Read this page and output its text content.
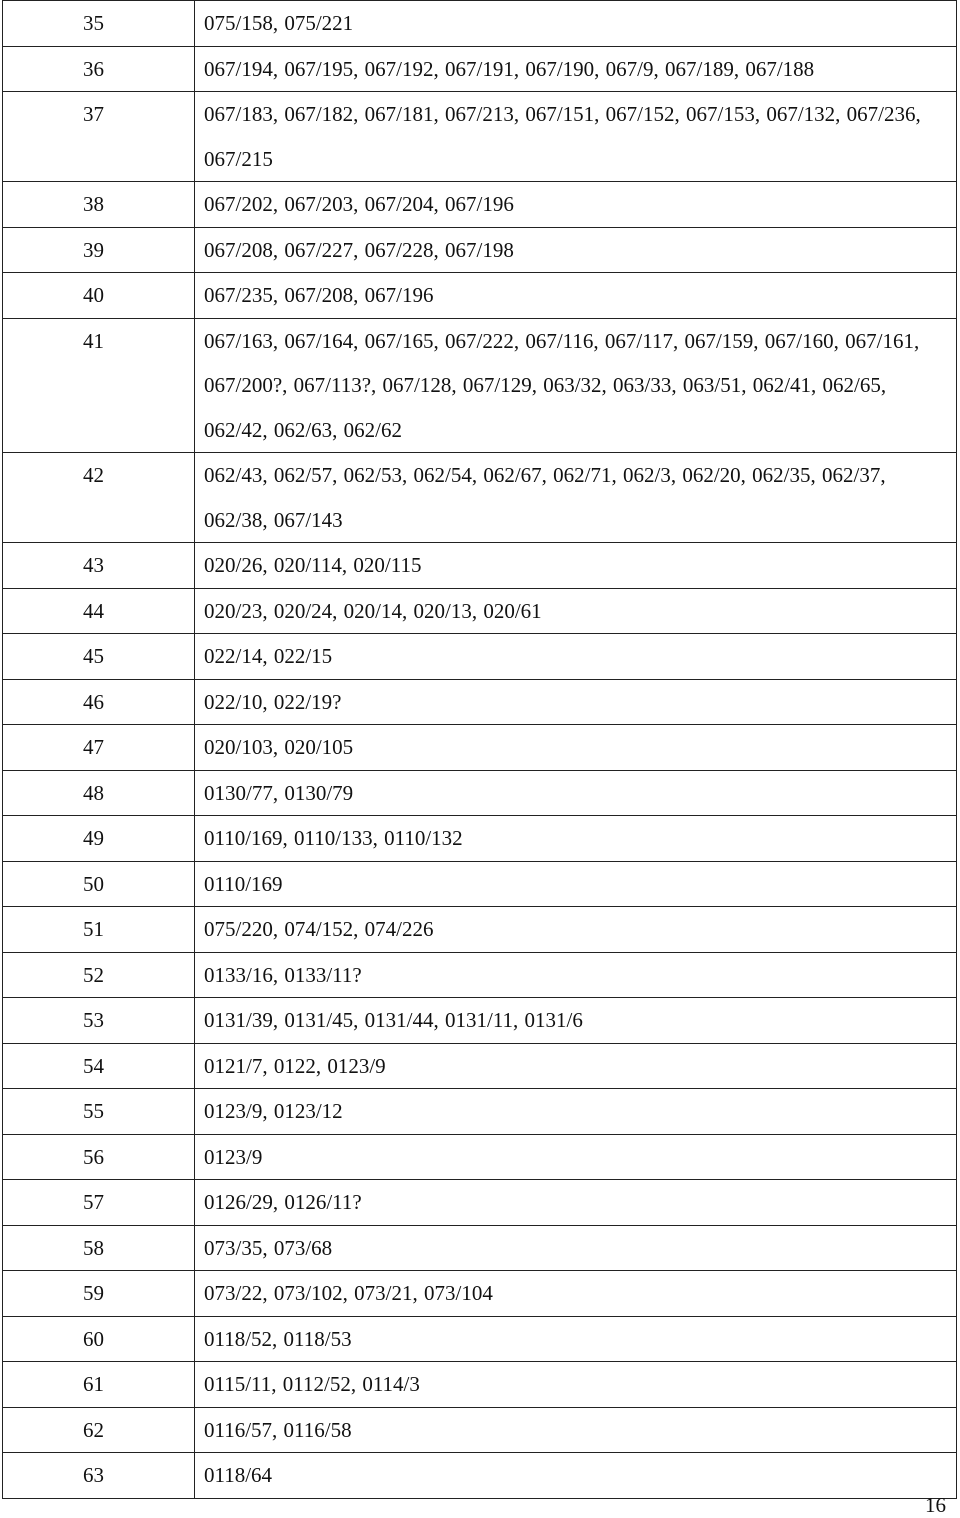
35	075/158, 075/221
36	067/194, 067/195, 067/192, 067/191, 067/190, 067/9, 067/189, 067/188
37	067/183, 067/182, 067/181, 067/213, 067/151, 067/152, 067/153, 067/132, 067/236, 067/215
38	067/202, 067/203, 067/204, 067/196
39	067/208, 067/227, 067/228, 067/198
40	067/235, 067/208, 067/196
41	067/163, 067/164, 067/165, 067/222, 067/116, 067/117, 067/159, 067/160, 067/161, 067/200?, 067/113?, 067/128, 067/129, 063/32, 063/33, 063/51, 062/41, 062/65, 062/42, 062/63, 062/62
42	062/43, 062/57, 062/53, 062/54, 062/67, 062/71, 062/3, 062/20, 062/35, 062/37, 062/38, 067/143
43	020/26, 020/114, 020/115
44	020/23, 020/24, 020/14, 020/13, 020/61
45	022/14, 022/15
46	022/10, 022/19?
47	020/103, 020/105
48	0130/77, 0130/79
49	0110/169, 0110/133, 0110/132
50	0110/169
51	075/220, 074/152, 074/226
52	0133/16, 0133/11?
53	0131/39, 0131/45, 0131/44, 0131/11, 0131/6
54	0121/7, 0122, 0123/9
55	0123/9, 0123/12
56	0123/9
57	0126/29, 0126/11?
58	073/35, 073/68
59	073/22, 073/102, 073/21, 073/104
60	0118/52, 0118/53
61	0115/11, 0112/52, 0114/3
62	0116/57, 0116/58
63	0118/64
16
